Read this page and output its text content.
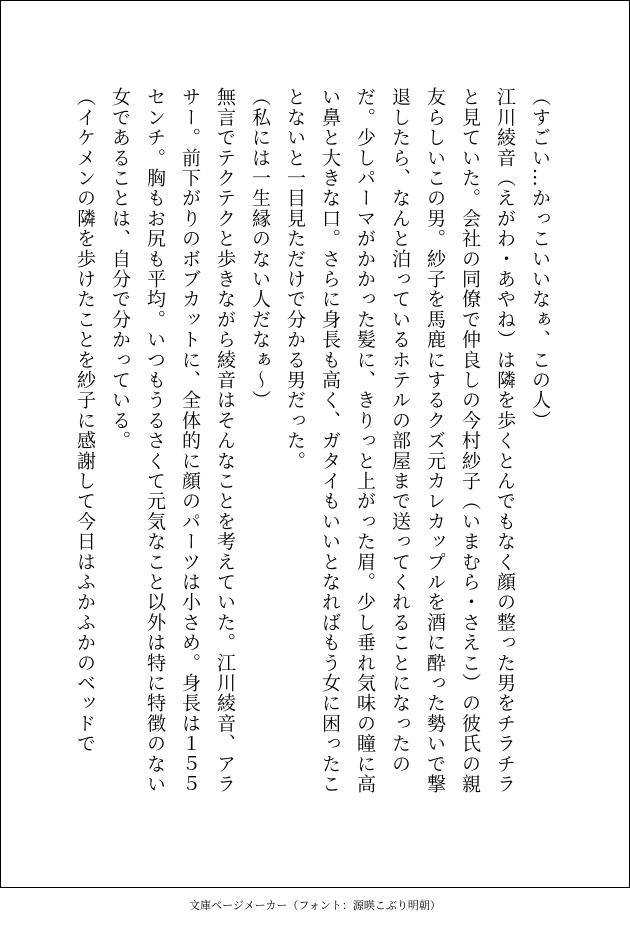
（すごい…かっこいいなぁ、この人）

江川綾音（えがわ・あやね）は隣を歩くとんでもなく顔の整った男をチラチラと見ていた。会社の同僚で仲良しの今村紗子（いまむら・さえこ）の彼氏の親友らしいこの男。紗子を馬鹿にするクズ元カレカップルを酒に酔った勢いで撃退したら、なんと泊っているホテルの部屋まで送ってくれることになったのだ。少しパーマがかかった髪に、きりっと上がった眉。少し垂れ気味の瞳に高い鼻と大きな口。さらに身長も高く、ガタイもいいとなればもう女に困ったことないと一目見ただけで分かる男だった。

（私には一生縁のない人だなぁ〜）

無言でテクテクと歩きながら綾音はそんなことを考えていた。江川綾音、アラサー。前下がりのボブカットに、全体的に顔のパーツは小さめ。身長は１５５センチ。胸もお尻も平均。いつもうるさくて元気なこと以外は特に特徴のない女であることは、自分で分かっている。

（イケメンの隣を歩けたことを紗子に感謝して今日はふかふかのベッドで

文庫ページメーカー（フォント：源暎こぶり明朝）
